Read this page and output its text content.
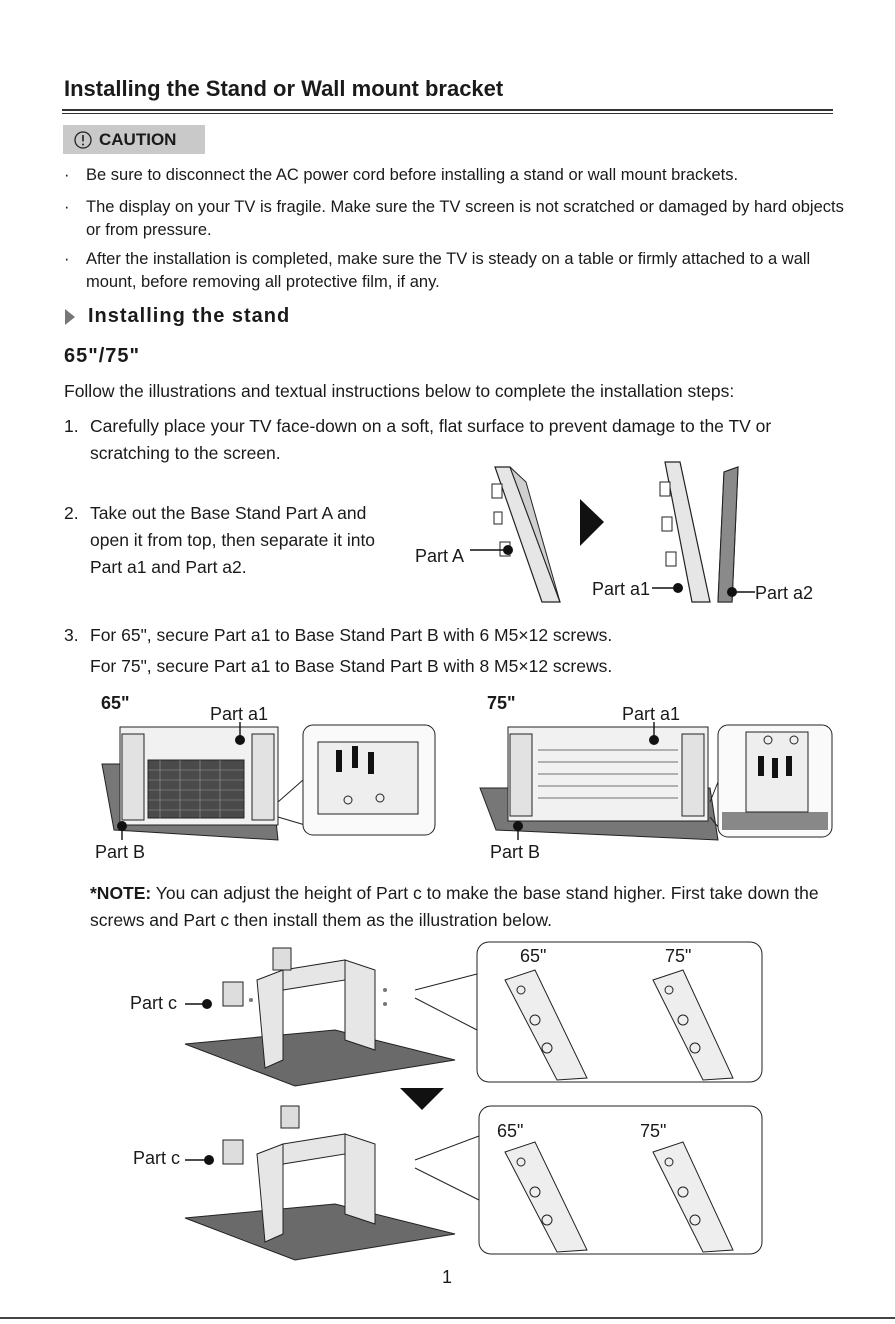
Installing the Stand or Wall mount bracket
CAUTION
· Be sure to disconnect the AC power cord before installing a stand or wall mount brackets.
· The display on your TV is fragile. Make sure the TV screen is not scratched or damaged by hard objects or from pressure.
· After the installation is completed, make sure the TV is steady on a table or firmly attached to a wall mount, before removing all protective film, if any.
Installing the stand
65"/75"
Follow the illustrations and textual instructions below to complete the installation steps:
1. Carefully place your TV face-down on a soft, flat surface to prevent damage to the TV or scratching to the screen.
2. Take out the Base Stand Part A and open it from top, then separate it into Part a1 and Part a2.
3. For 65", secure Part a1 to Base Stand Part B with 6 M5×12 screws.
For 75", secure Part a1 to Base Stand Part B with 8 M5×12 screws.
Part A
Part a1	Part a2
65"
Part a1
Part B
75"
Part a1
Part B
*NOTE: You can adjust the height of Part c to make the base stand higher. First take down the screws and Part c then install them as the illustration below.
Part c
65"	75"
Part c
65"	75"
1
